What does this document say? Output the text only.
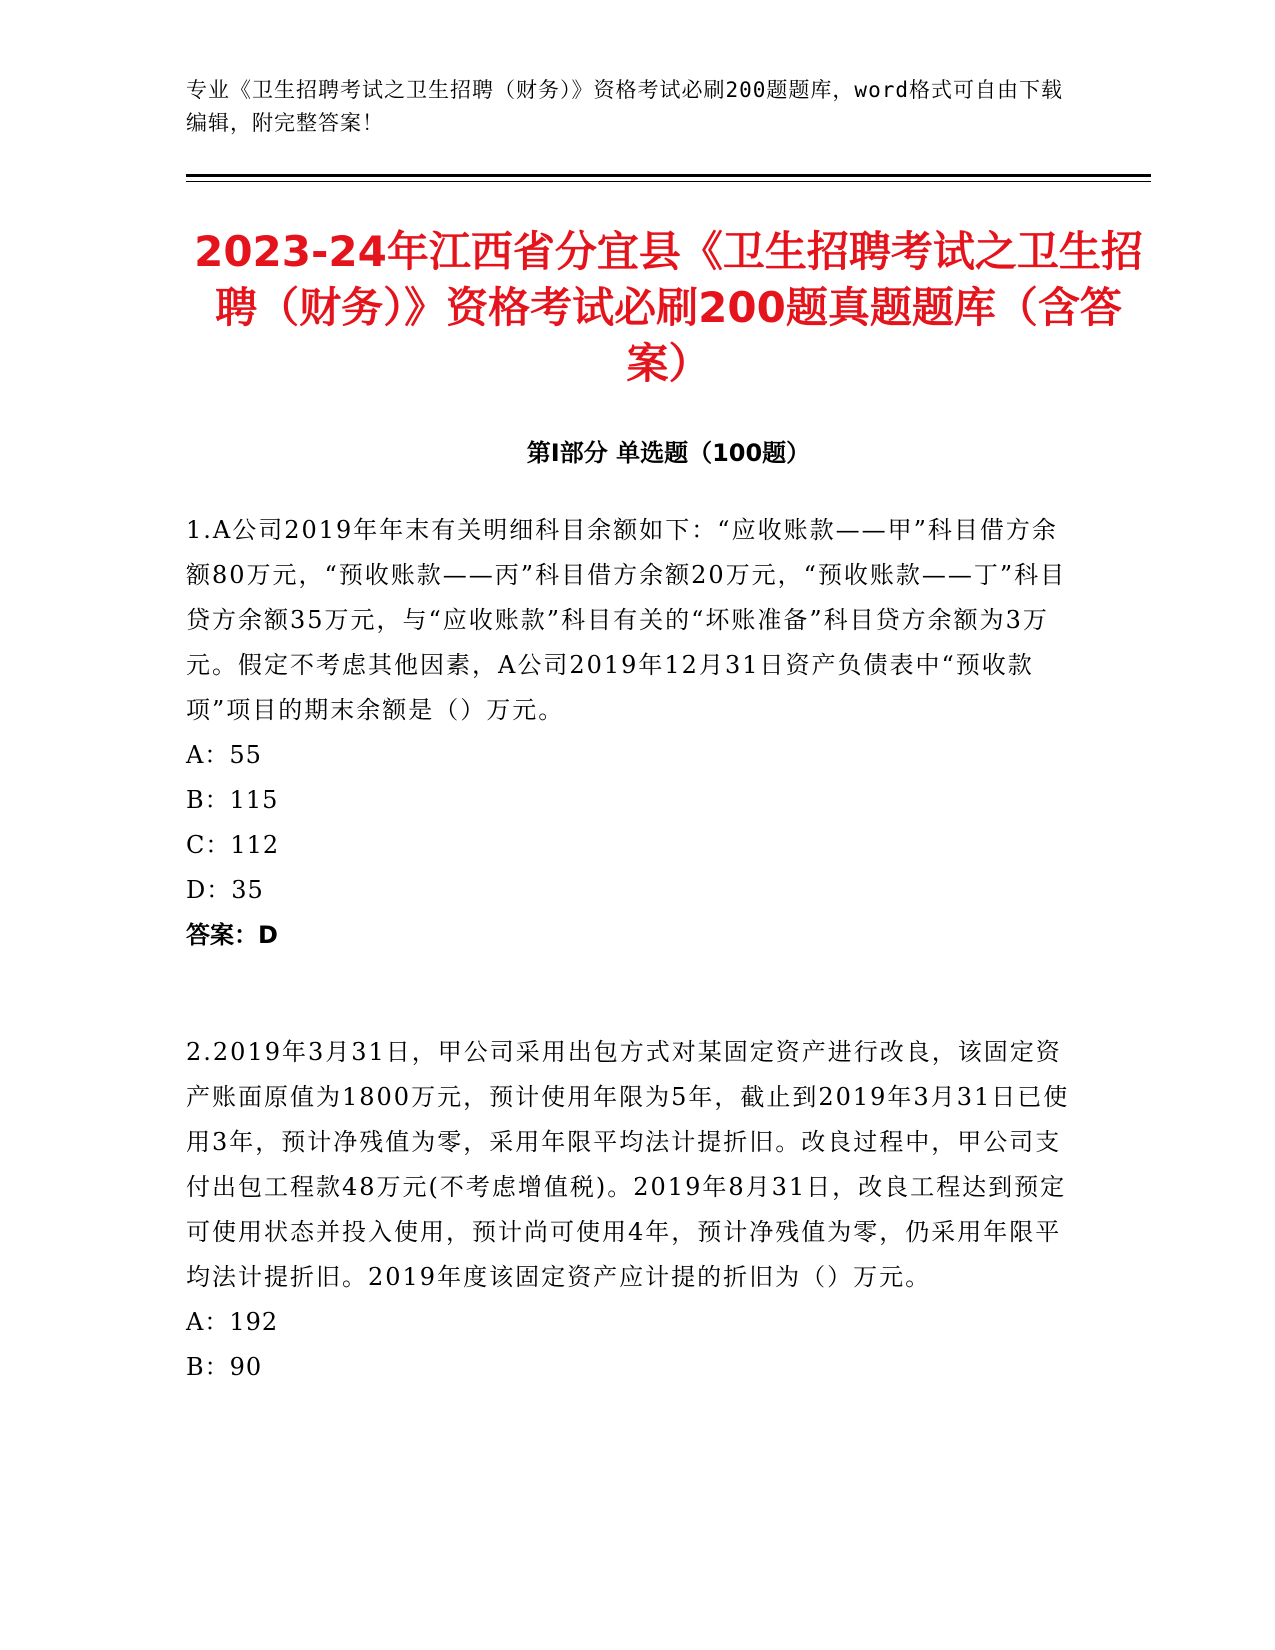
专业《卫生招聘考试之卫生招聘（财务）》资格考试必刷200题题库，word格式可自由下载编辑，附完整答案！
2023-24年江西省分宜县《卫生招聘考试之卫生招聘（财务）》资格考试必刷200题真题题库（含答案）
第Ⅰ部分 单选题（100题）

1.A公司2019年年末有关明细科目余额如下：“应收账款——甲”科目借方余额80万元，“预收账款——丙”科目借方余额20万元，“预收账款——丁”科目贷方余额35万元，与“应收账款”科目有关的“坏账准备”科目贷方余额为3万元。假定不考虑其他因素，A公司2019年12月31日资产负债表中“预收款项”项目的期末余额是（）万元。

A：55

B：115

C：112

D：35

答案：D

2.2019年3月31日，甲公司采用出包方式对某固定资产进行改良，该固定资产账面原值为1800万元，预计使用年限为5年，截止到2019年3月31日已使用3年，预计净残值为零，采用年限平均法计提折旧。改良过程中，甲公司支付出包工程款48万元(不考虑增值税)。2019年8月31日，改良工程达到预定可使用状态并投入使用，预计尚可使用4年，预计净残值为零，仍采用年限平均法计提折旧。2019年度该固定资产应计提的折旧为（）万元。

A：192

B：90
